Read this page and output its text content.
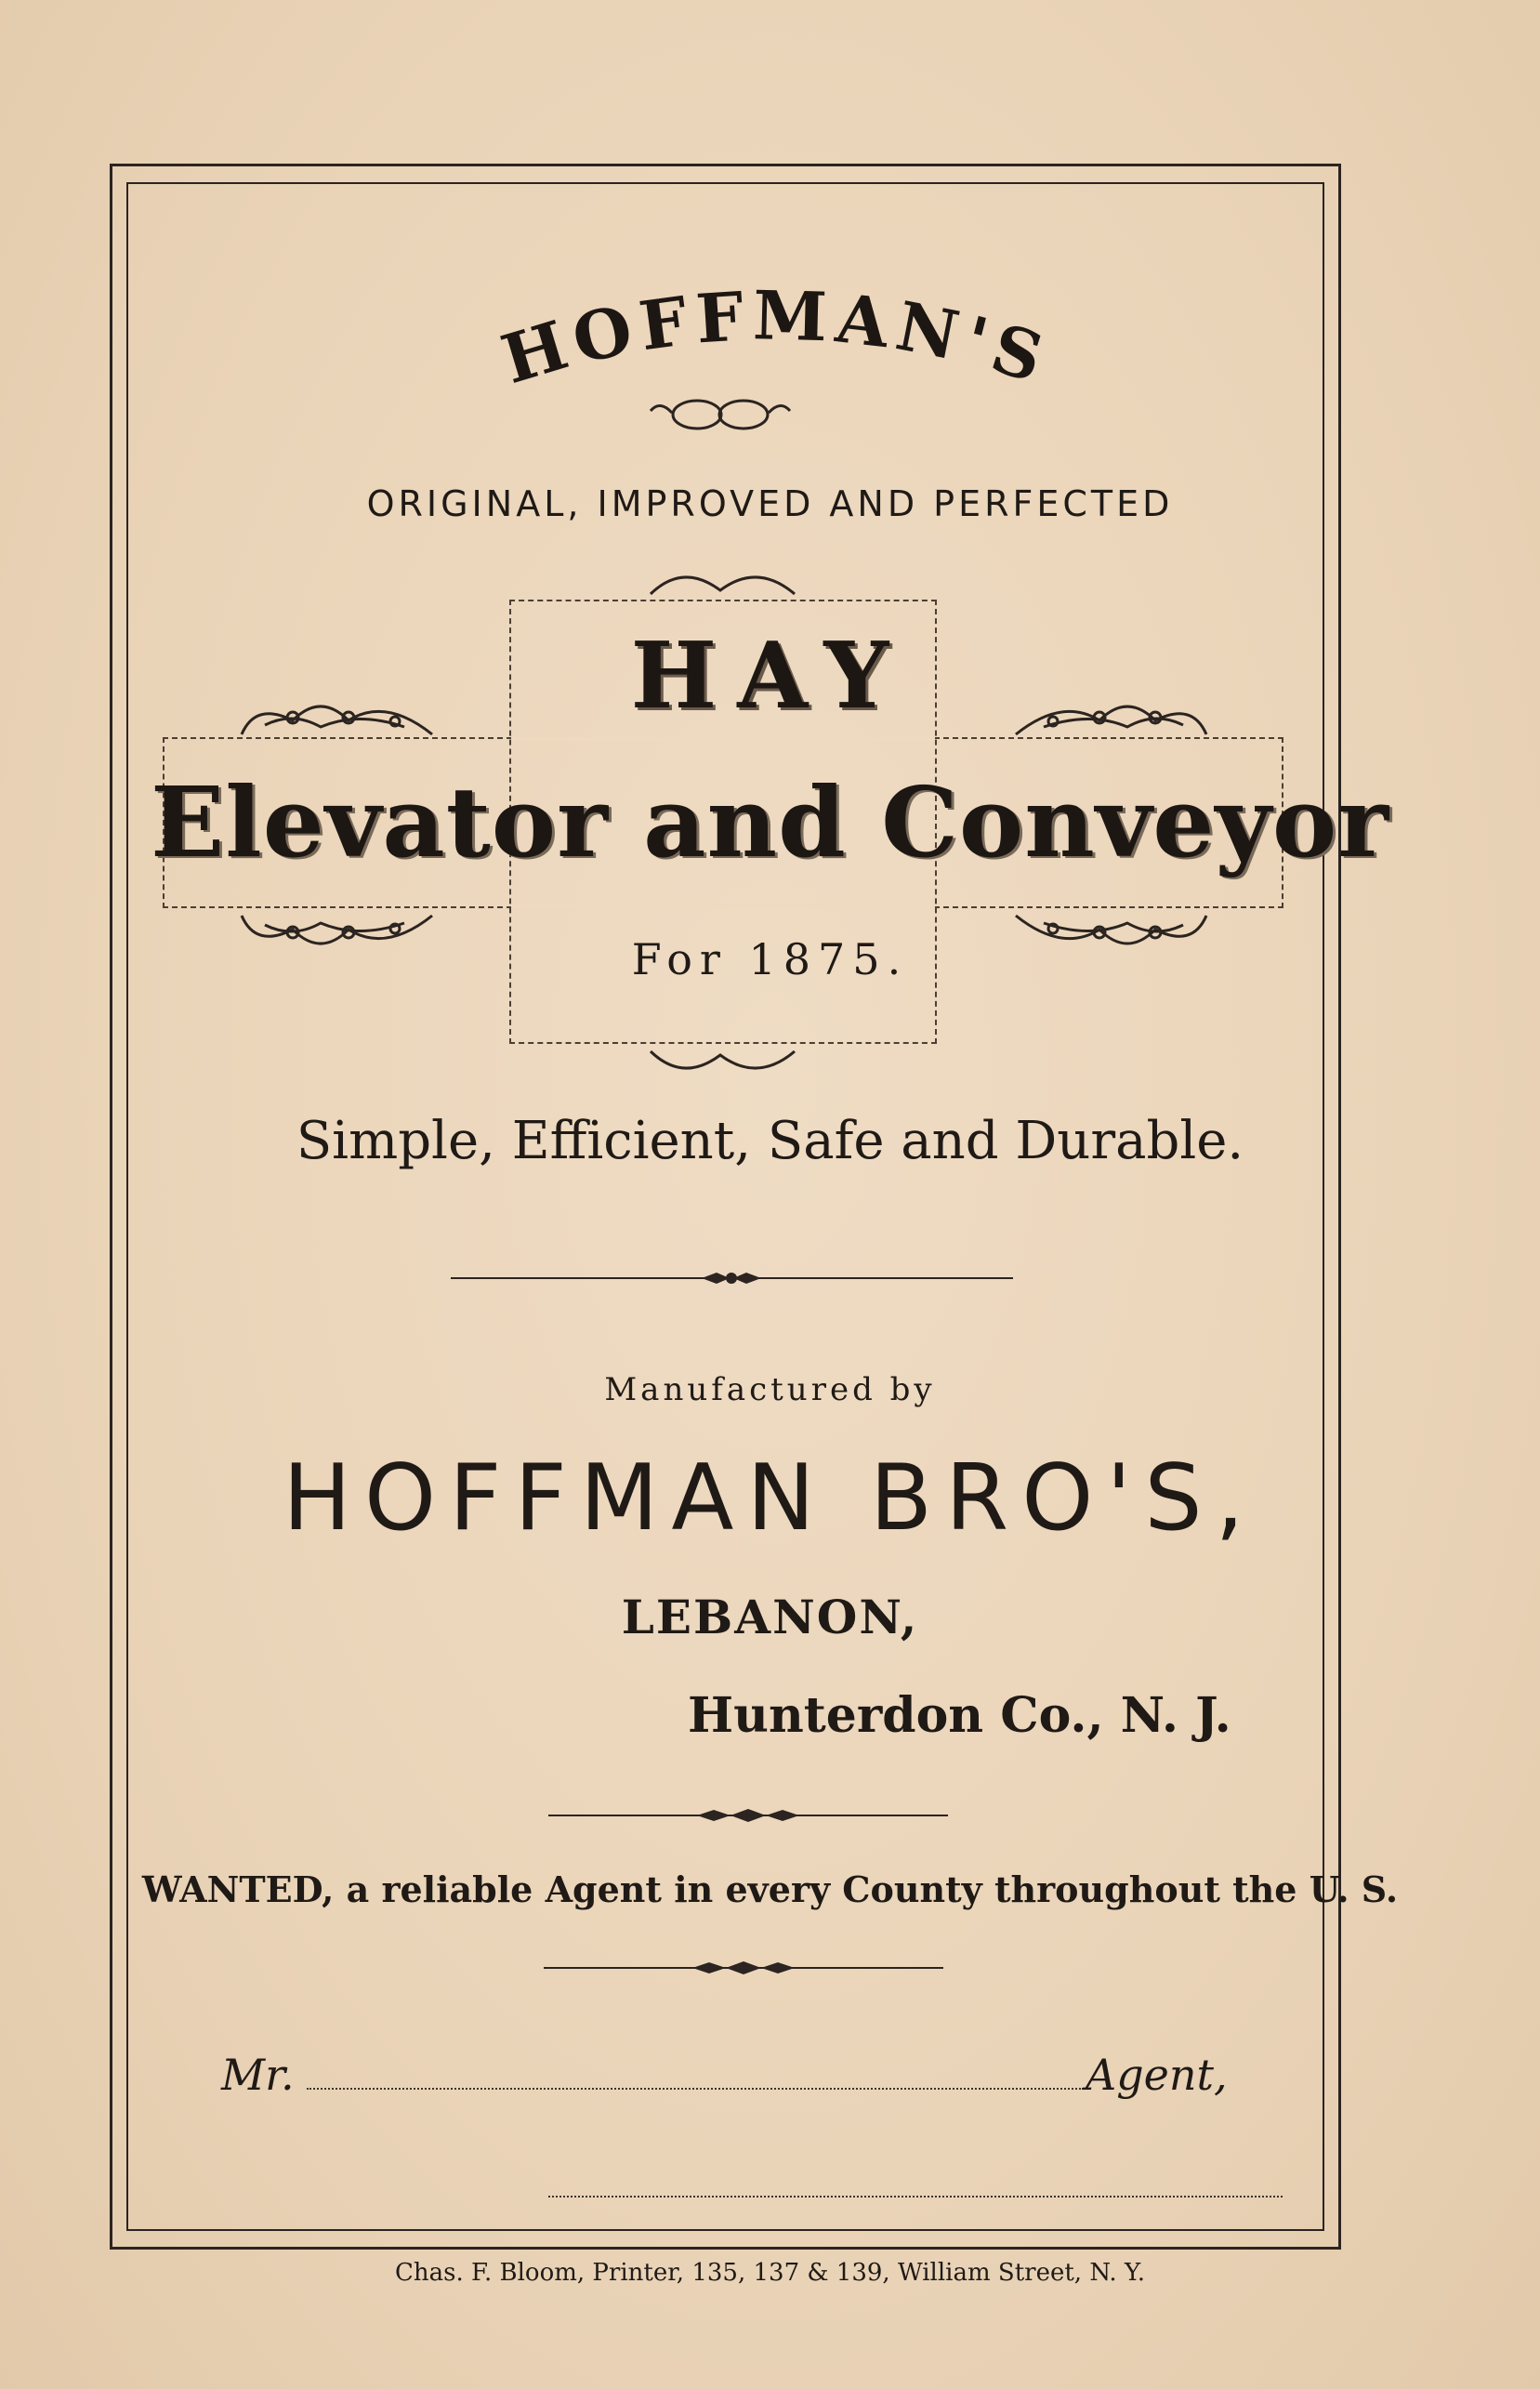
HOFFMAN'S
ORIGINAL, IMPROVED AND PERFECTED
HAY
Elevator and Conveyor
For 1875.
Simple, Efficient, Safe and Durable.
Manufactured by
HOFFMAN BRO'S,
LEBANON,
Hunterdon Co., N. J.
WANTED, a reliable Agent in every County throughout the U. S.
Mr.	Agent,
Chas. F. Bloom, Printer, 135, 137 & 139, William Street, N. Y.
